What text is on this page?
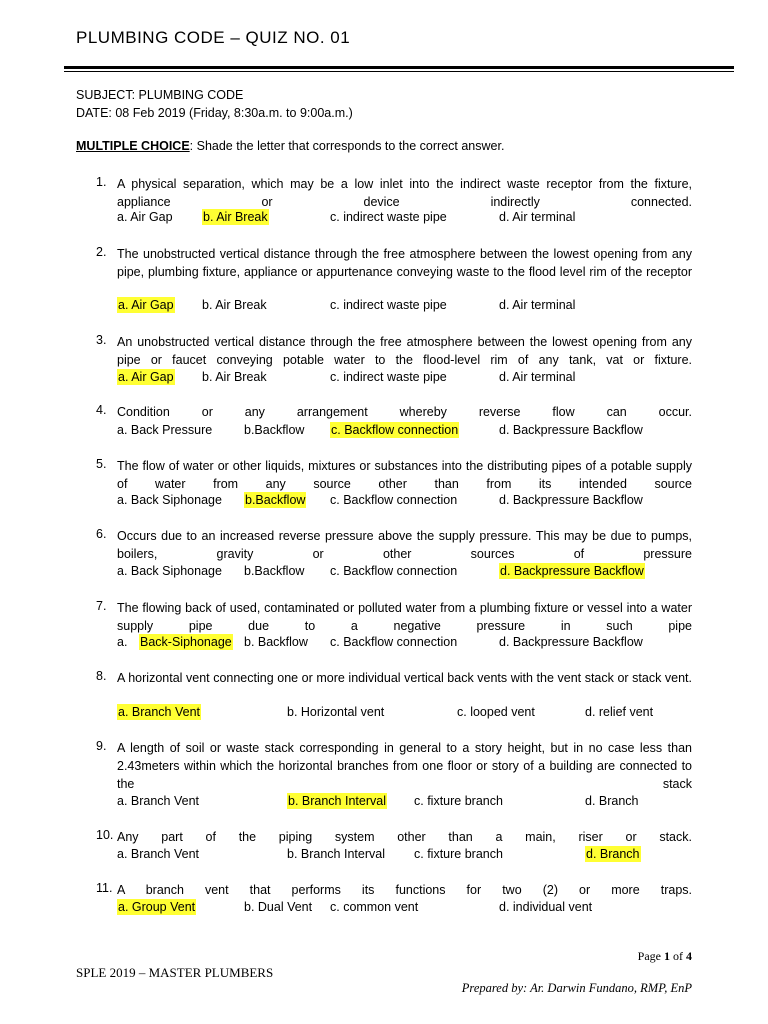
PLUMBING CODE – QUIZ NO. 01
SUBJECT: PLUMBING CODE
DATE: 08 Feb 2019 (Friday, 8:30a.m. to 9:00a.m.)
MULTIPLE CHOICE: Shade the letter that corresponds to the correct answer.
1. A physical separation, which may be a low inlet into the indirect waste receptor from the fixture, appliance or device indirectly connected.
a. Air Gap b. Air Break	c. indirect waste pipe	d. Air terminal
2. The unobstructed vertical distance through the free atmosphere between the lowest opening from any pipe, plumbing fixture, appliance or appurtenance conveying waste to the flood level rim of the receptor
a. Air Gap b. Air Break	c. indirect waste pipe	d. Air terminal
3. An unobstructed vertical distance through the free atmosphere between the lowest opening from any pipe or faucet conveying potable water to the flood-level rim of any tank, vat or fixture.
a. Air Gap b. Air Break	c. indirect waste pipe	d. Air terminal
4. Condition or any arrangement whereby reverse flow can occur.
a. Back Pressure	b.Backflow c. Backflow connection	d. Backpressure Backflow
5. The flow of water or other liquids, mixtures or substances into the distributing pipes of a potable supply of water from any source other than from its intended source
a. Back Siphonage b.Backflow c. Backflow connection	d. Backpressure Backflow
6. Occurs due to an increased reverse pressure above the supply pressure. This may be due to pumps, boilers, gravity or other sources of pressure
a. Back Siphonage b.Backflow c. Backflow connection	d. Backpressure Backflow
7. The flowing back of used, contaminated or polluted water from a plumbing fixture or vessel into a water supply pipe due to a negative pressure in such pipe
a. Back-Siphonage b. Backflow c. Backflow connection	d. Backpressure Backflow
8. A horizontal vent connecting one or more individual vertical back vents with the vent stack or stack vent.
a. Branch Vent	b. Horizontal vent	c. looped vent	d. relief vent
9. A length of soil or waste stack corresponding in general to a story height, but in no case less than 2.43meters within which the horizontal branches from one floor or story of a building are connected to the stack
a. Branch Vent	b. Branch Interval c. fixture branch	d. Branch
10. Any part of the piping system other than a main, riser or stack.
a. Branch Vent	b. Branch Interval c. fixture branch	d. Branch
11. A branch vent that performs its functions for two (2) or more traps.
a. Group Vent	b. Dual Vent c. common vent	d. individual vent
Page 1 of 4
SPLE 2019 – MASTER PLUMBERS
Prepared by: Ar. Darwin Fundano, RMP, EnP
